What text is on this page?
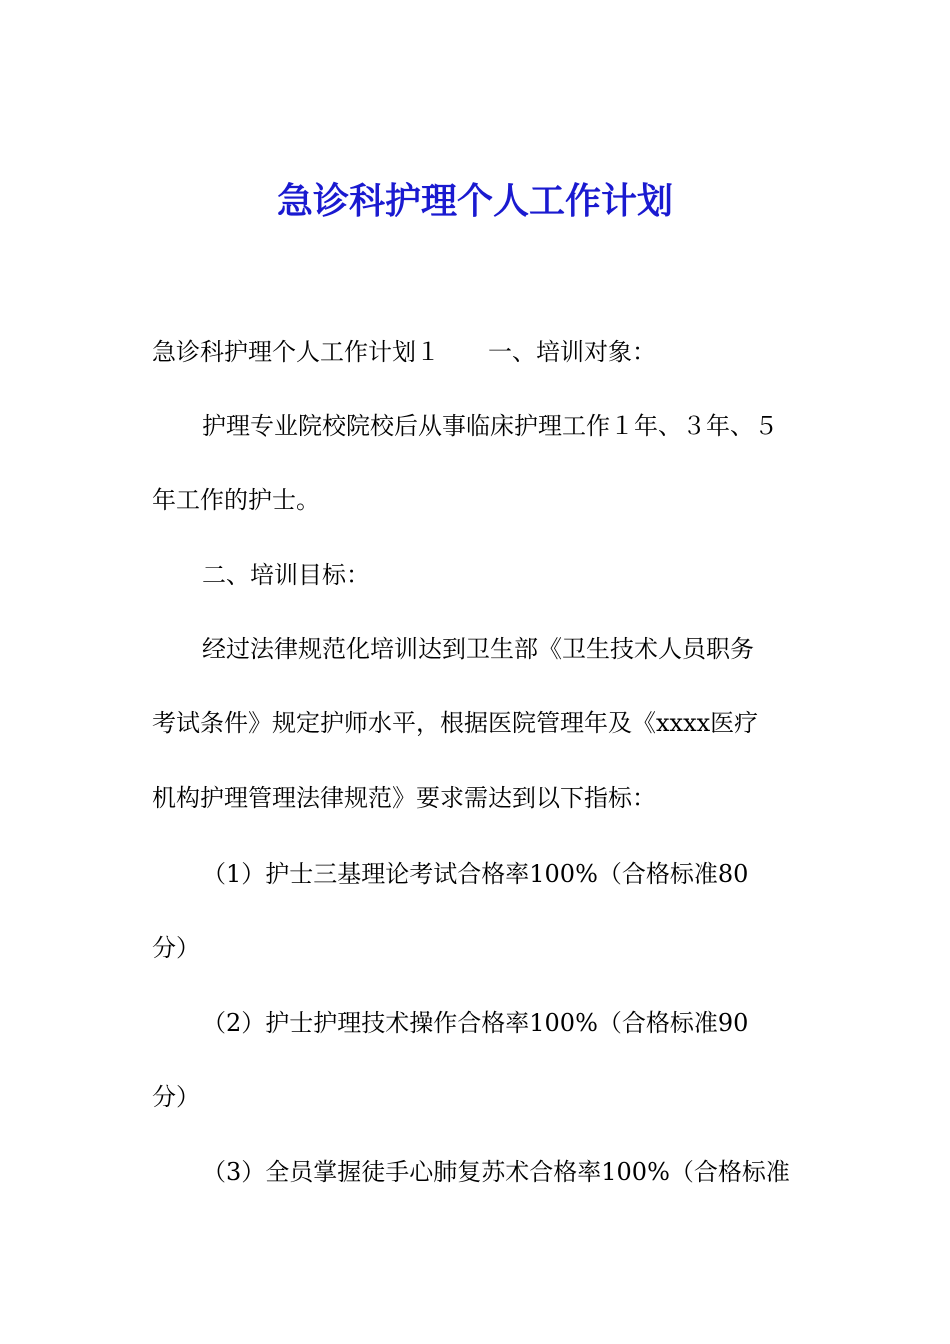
急诊科护理个人工作计划

急诊科护理个人工作计划１　　一、培训对象：

护理专业院校院校后从事临床护理工作１年、３年、５

年工作的护士。

二、培训目标：

经过法律规范化培训达到卫生部《卫生技术人员职务

考试条件》规定护师水平，根据医院管理年及《xxxx医疗

机构护理管理法律规范》要求需达到以下指标：

（1）护士三基理论考试合格率100%（合格标准80

分）

（2）护士护理技术操作合格率100%（合格标准90

分）

（3）全员掌握徒手心肺复苏术合格率100%（合格标准
